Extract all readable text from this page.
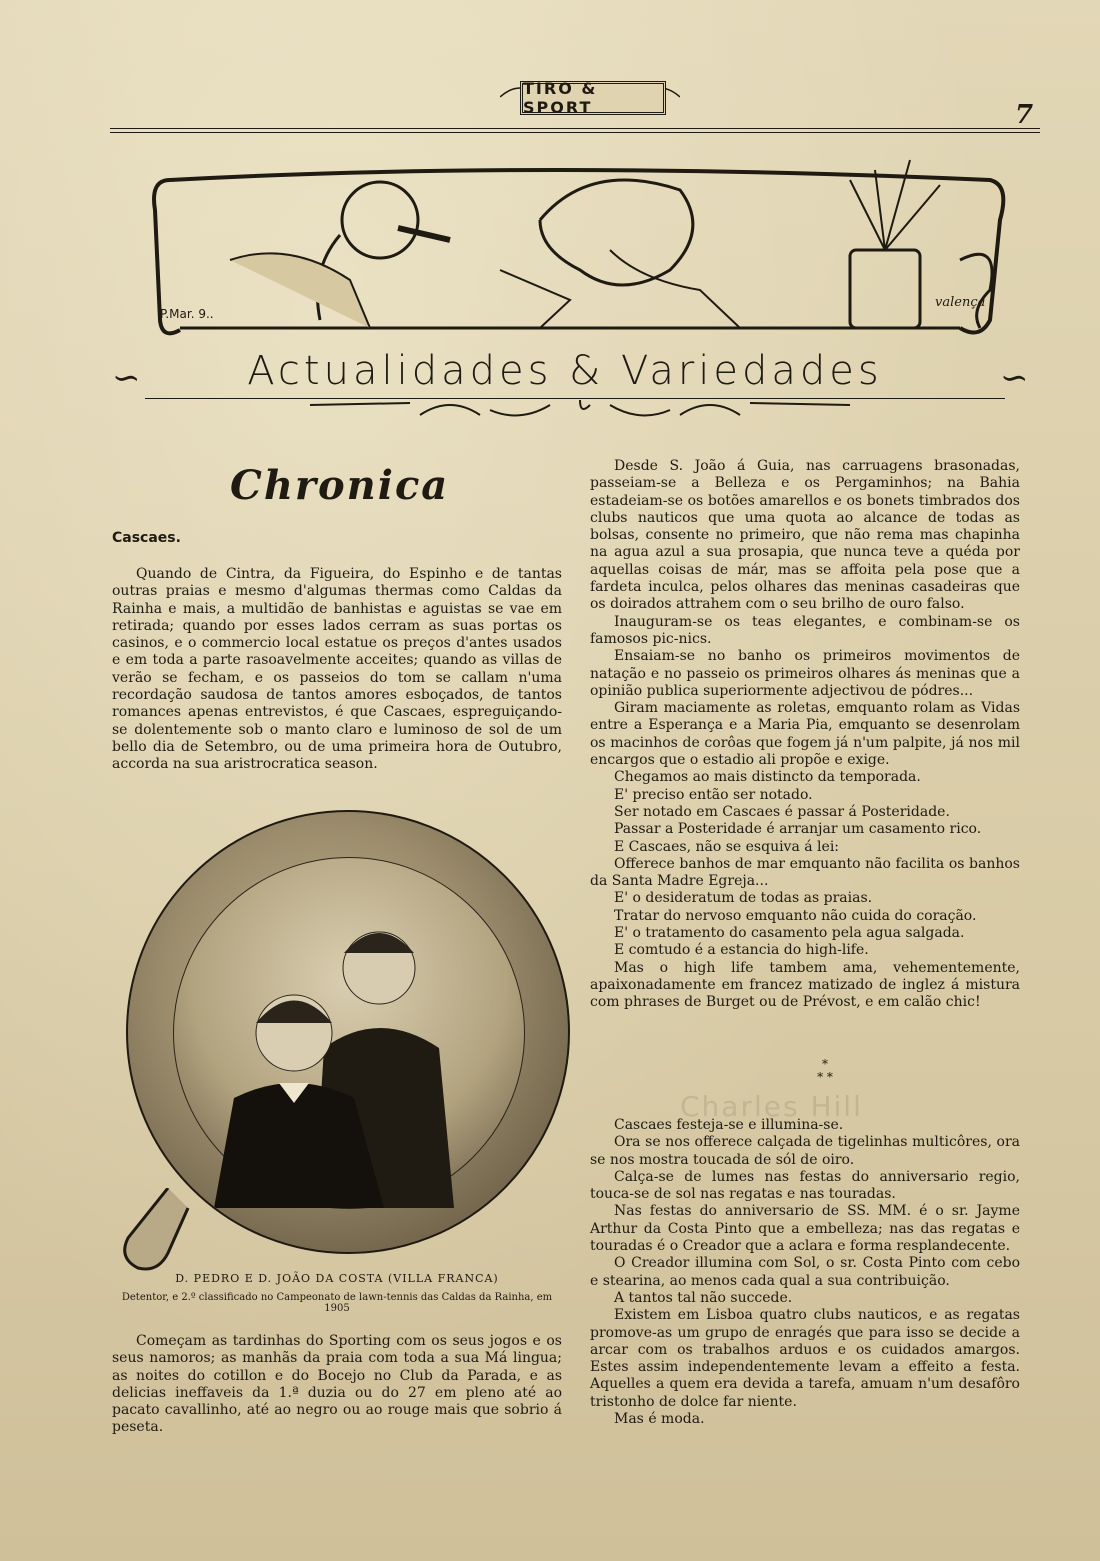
TIRO & SPORT	7
∽	Actualidades & Variedades	∽
Chronica
Cascaes.

Quando de Cintra, da Figueira, do Espinho e de tantas outras praias e mesmo d'algumas thermas como Caldas da Rainha e mais, a multidão de banhistas e aguistas se vae em retirada; quando por esses lados cerram as suas portas os casinos, e o commercio local estatue os preços d'antes usados e em toda a parte rasoavelmente acceites; quando as villas de verão se fecham, e os passeios do tom se callam n'uma recordação saudosa de tantos amores esboçados, de tantos romances apenas entrevistos, é que Cascaes, espreguiçando-se dolentemente sob o manto claro e luminoso de sol de um bello dia de Setembro, ou de uma primeira hora de Outubro, accorda na sua aristrocratica season.

D. PEDRO E D. JOÃO DA COSTA (VILLA FRANCA)
Detentor, e 2.º classificado no Campeonato de lawn-tennis das Caldas da Rainha, em 1905

Começam as tardinhas do Sporting com os seus jogos e os seus namoros; as manhãs da praia com toda a sua Má lingua; as noites do cotillon e do Bocejo no Club da Parada, e as delicias ineffaveis da 1.ª duzia ou do 27 em pleno até ao pacato cavallinho, até ao negro ou ao rouge mais que sobrio á peseta.

Desde S. João á Guia, nas carruagens brasonadas, passeiam-se a Belleza e os Pergaminhos; na Bahia estadeiam-se os botões amarellos e os bonets timbrados dos clubs nauticos que uma quota ao alcance de todas as bolsas, consente no primeiro, que não rema mas chapinha na agua azul a sua prosapia, que nunca teve a quéda por aquellas coisas de már, mas se affoita pela pose que a fardeta inculca, pelos olhares das meninas casadeiras que os doirados attrahem com o seu brilho de ouro falso.
Inauguram-se os teas elegantes, e combinam-se os famosos pic-nics.
Ensaiam-se no banho os primeiros movimentos de natação e no passeio os primeiros olhares ás meninas que a opinião publica superiormente adjectivou de pódres...
Giram maciamente as roletas, emquanto rolam as Vidas entre a Esperança e a Maria Pia, emquanto se desenrolam os macinhos de corôas que fogem já n'um palpite, já nos mil encargos que o estadio ali propõe e exige.
Chegamos ao mais distincto da temporada.
E' preciso então ser notado.
Ser notado em Cascaes é passar á Posteridade.
Passar a Posteridade é arranjar um casamento rico.
E Cascaes, não se esquiva á lei:
Offerece banhos de mar emquanto não facilita os banhos da Santa Madre Egreja...
E' o desideratum de todas as praias.
Tratar do nervoso emquanto não cuida do coração.
E' o tratamento do casamento pela agua salgada.
E comtudo é a estancia do high-life.
Mas o high life tambem ama, vehementemente, apaixonadamente em francez matizado de inglez á mistura com phrases de Burget ou de Prévost, e em calão chic!
*
* *
Charles Hill
Cascaes festeja-se e illumina-se.
Ora se nos offerece calçada de tigelinhas multicôres, ora se nos mostra toucada de sól de oiro.
Calça-se de lumes nas festas do anniversario regio, touca-se de sol nas regatas e nas touradas.
Nas festas do anniversario de SS. MM. é o sr. Jayme Arthur da Costa Pinto que a embelleza; nas das regatas e touradas é o Creador que a aclara e forma resplandecente.
O Creador illumina com Sol, o sr. Costa Pinto com cebo e stearina, ao menos cada qual a sua contribuição.
A tantos tal não succede.
Existem em Lisboa quatro clubs nauticos, e as regatas promove-as um grupo de enragés que para isso se decide a arcar com os trabalhos arduos e os cuidados amargos. Estes assim independentemente levam a effeito a festa. Aquelles a quem era devida a tarefa, amuam n'um desafôro tristonho de dolce far niente.
Mas é moda.
P.Mar. 9..
valença
